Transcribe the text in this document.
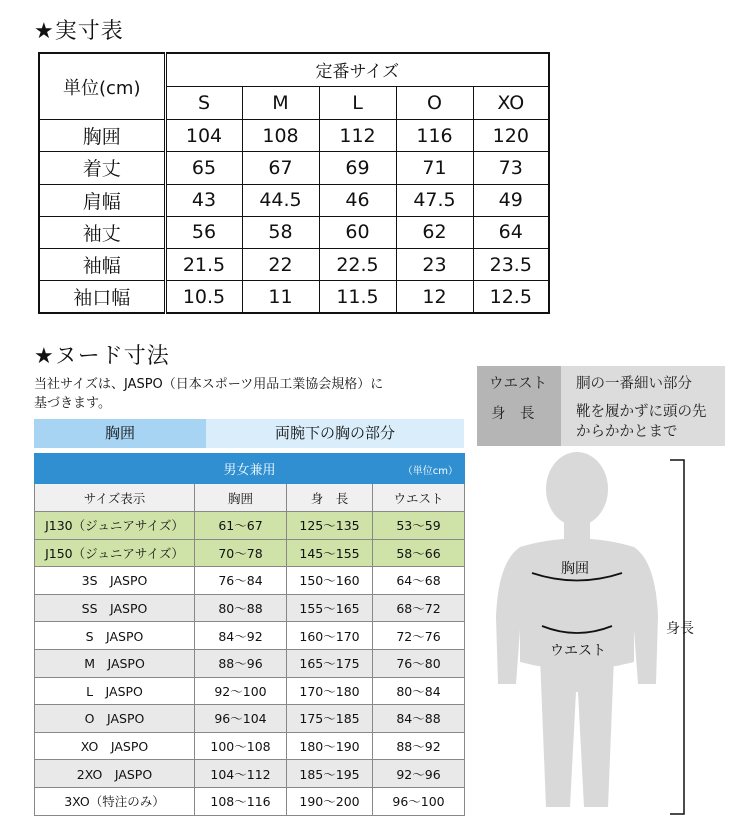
★実寸表
単位(cm)	定番サイズ				
	S	M	L	O	XO
胸囲	104	108	112	116	120
着丈	65	67	69	71	73
肩幅	43	44.5	46	47.5	49
袖丈	56	58	60	62	64
袖幅	21.5	22	22.5	23	23.5
袖口幅	10.5	11	11.5	12	12.5
★ヌード寸法
当社サイズは、JASPO（日本スポーツ用品工業協会規格）に
基づきます。
胸囲	両腕下の胸の部分
ウエスト 胴の一番細い部分
身　長	靴を履かずに頭の先からかかとまで
男女兼用 （単位cm）			

サイズ表示	胸囲	身　長	ウエスト
J130（ジュニアサイズ）	61〜67	125〜135	53〜59
J150（ジュニアサイズ）	70〜78	145〜155	58〜66
3S　JASPO	76〜84	150〜160	64〜68
SS　JASPO	80〜88	155〜165	68〜72
S　JASPO	84〜92	160〜170	72〜76
M　JASPO	88〜96	165〜175	76〜80
L　JASPO	92〜100	170〜180	80〜84
O　JASPO	96〜104	175〜185	84〜88
XO　JASPO	100〜108	180〜190	88〜92
2XO　JASPO	104〜112	185〜195	92〜96
3XO（特注のみ）	108〜116	190〜200	96〜100
胸囲
ウエスト
身長
